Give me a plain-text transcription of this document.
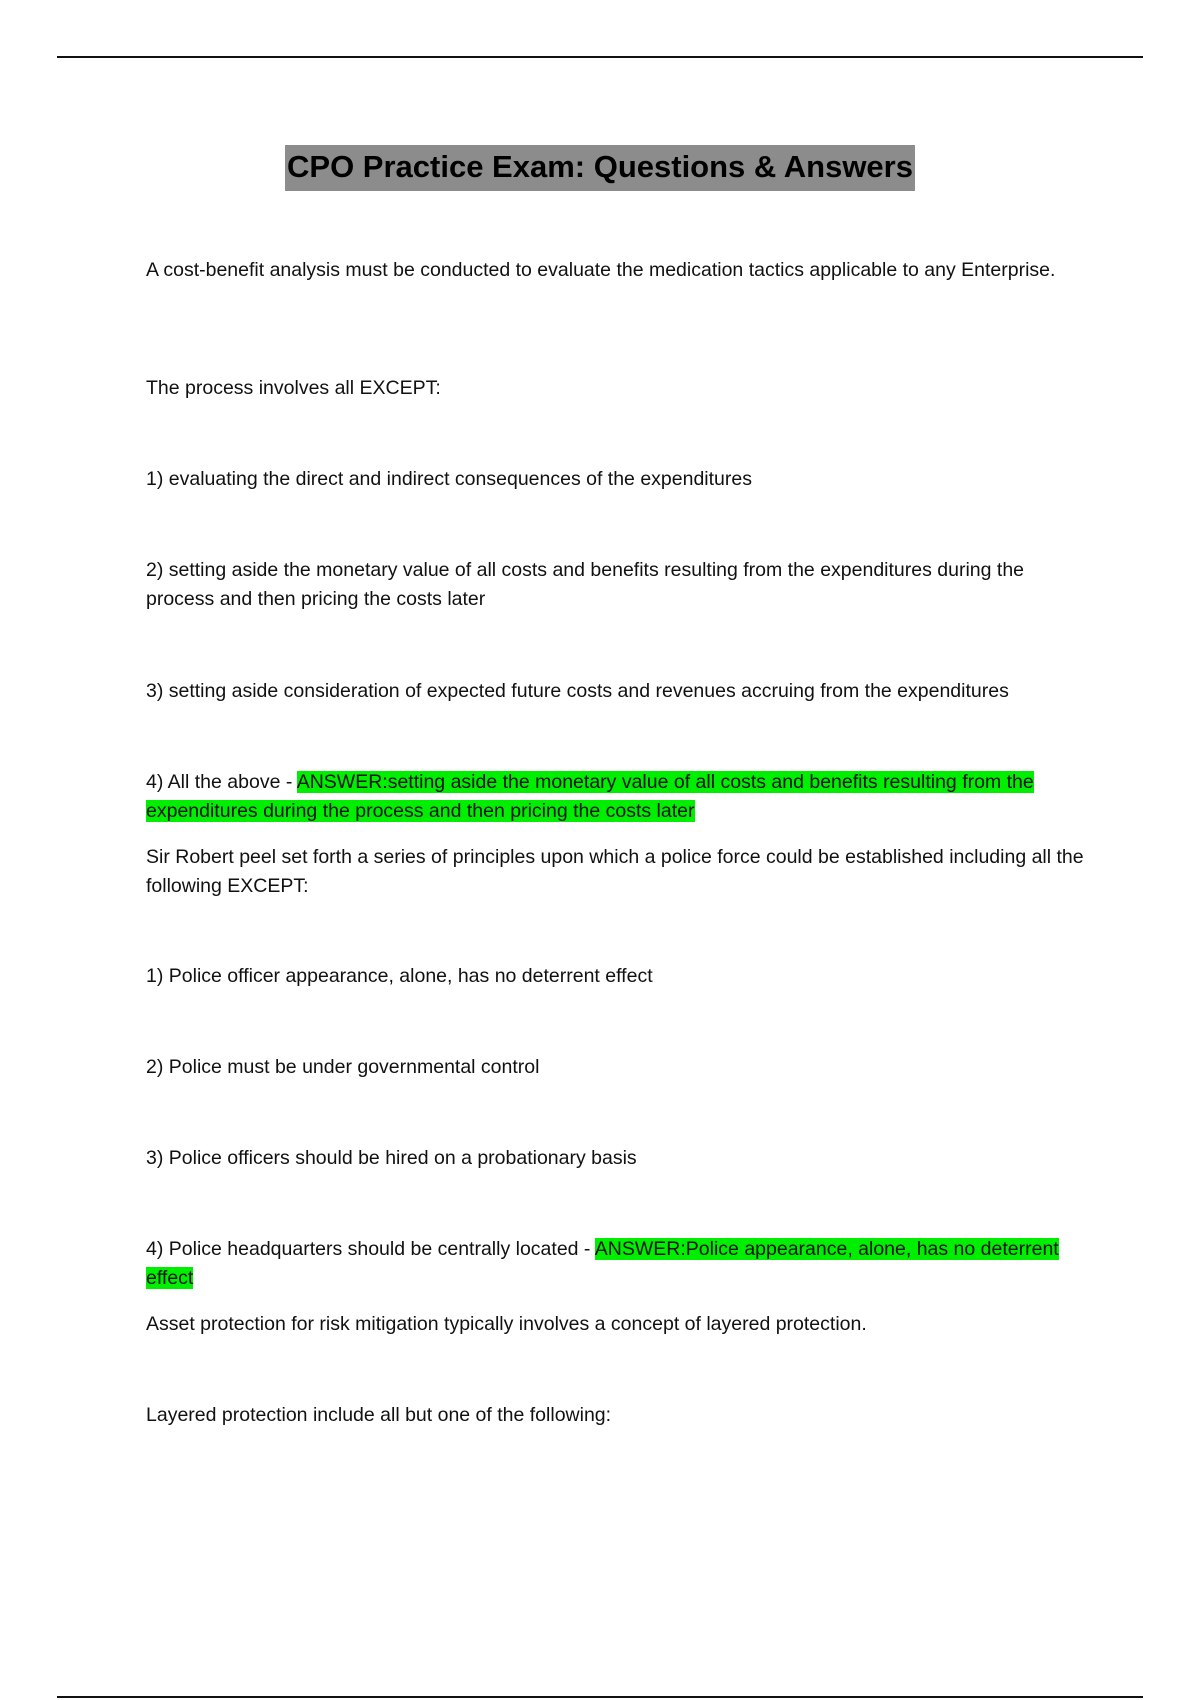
CPO Practice Exam: Questions & Answers

A cost-benefit analysis must be conducted to evaluate the medication tactics applicable to any Enterprise.

The process involves all EXCEPT:

1) evaluating the direct and indirect consequences of the expenditures

2) setting aside the monetary value of all costs and benefits resulting from the expenditures during the process and then pricing the costs later

3) setting aside consideration of expected future costs and revenues accruing from the expenditures

4) All the above - ANSWER:setting aside the monetary value of all costs and benefits resulting from the expenditures during the process and then pricing the costs later

Sir Robert peel set forth a series of principles upon which a police force could be established including all the following EXCEPT:

1) Police officer appearance, alone, has no deterrent effect

2) Police must be under governmental control

3) Police officers should be hired on a probationary basis

4) Police headquarters should be centrally located - ANSWER:Police appearance, alone, has no deterrent effect

Asset protection for risk mitigation typically involves a concept of layered protection.

Layered protection include all but one of the following:
